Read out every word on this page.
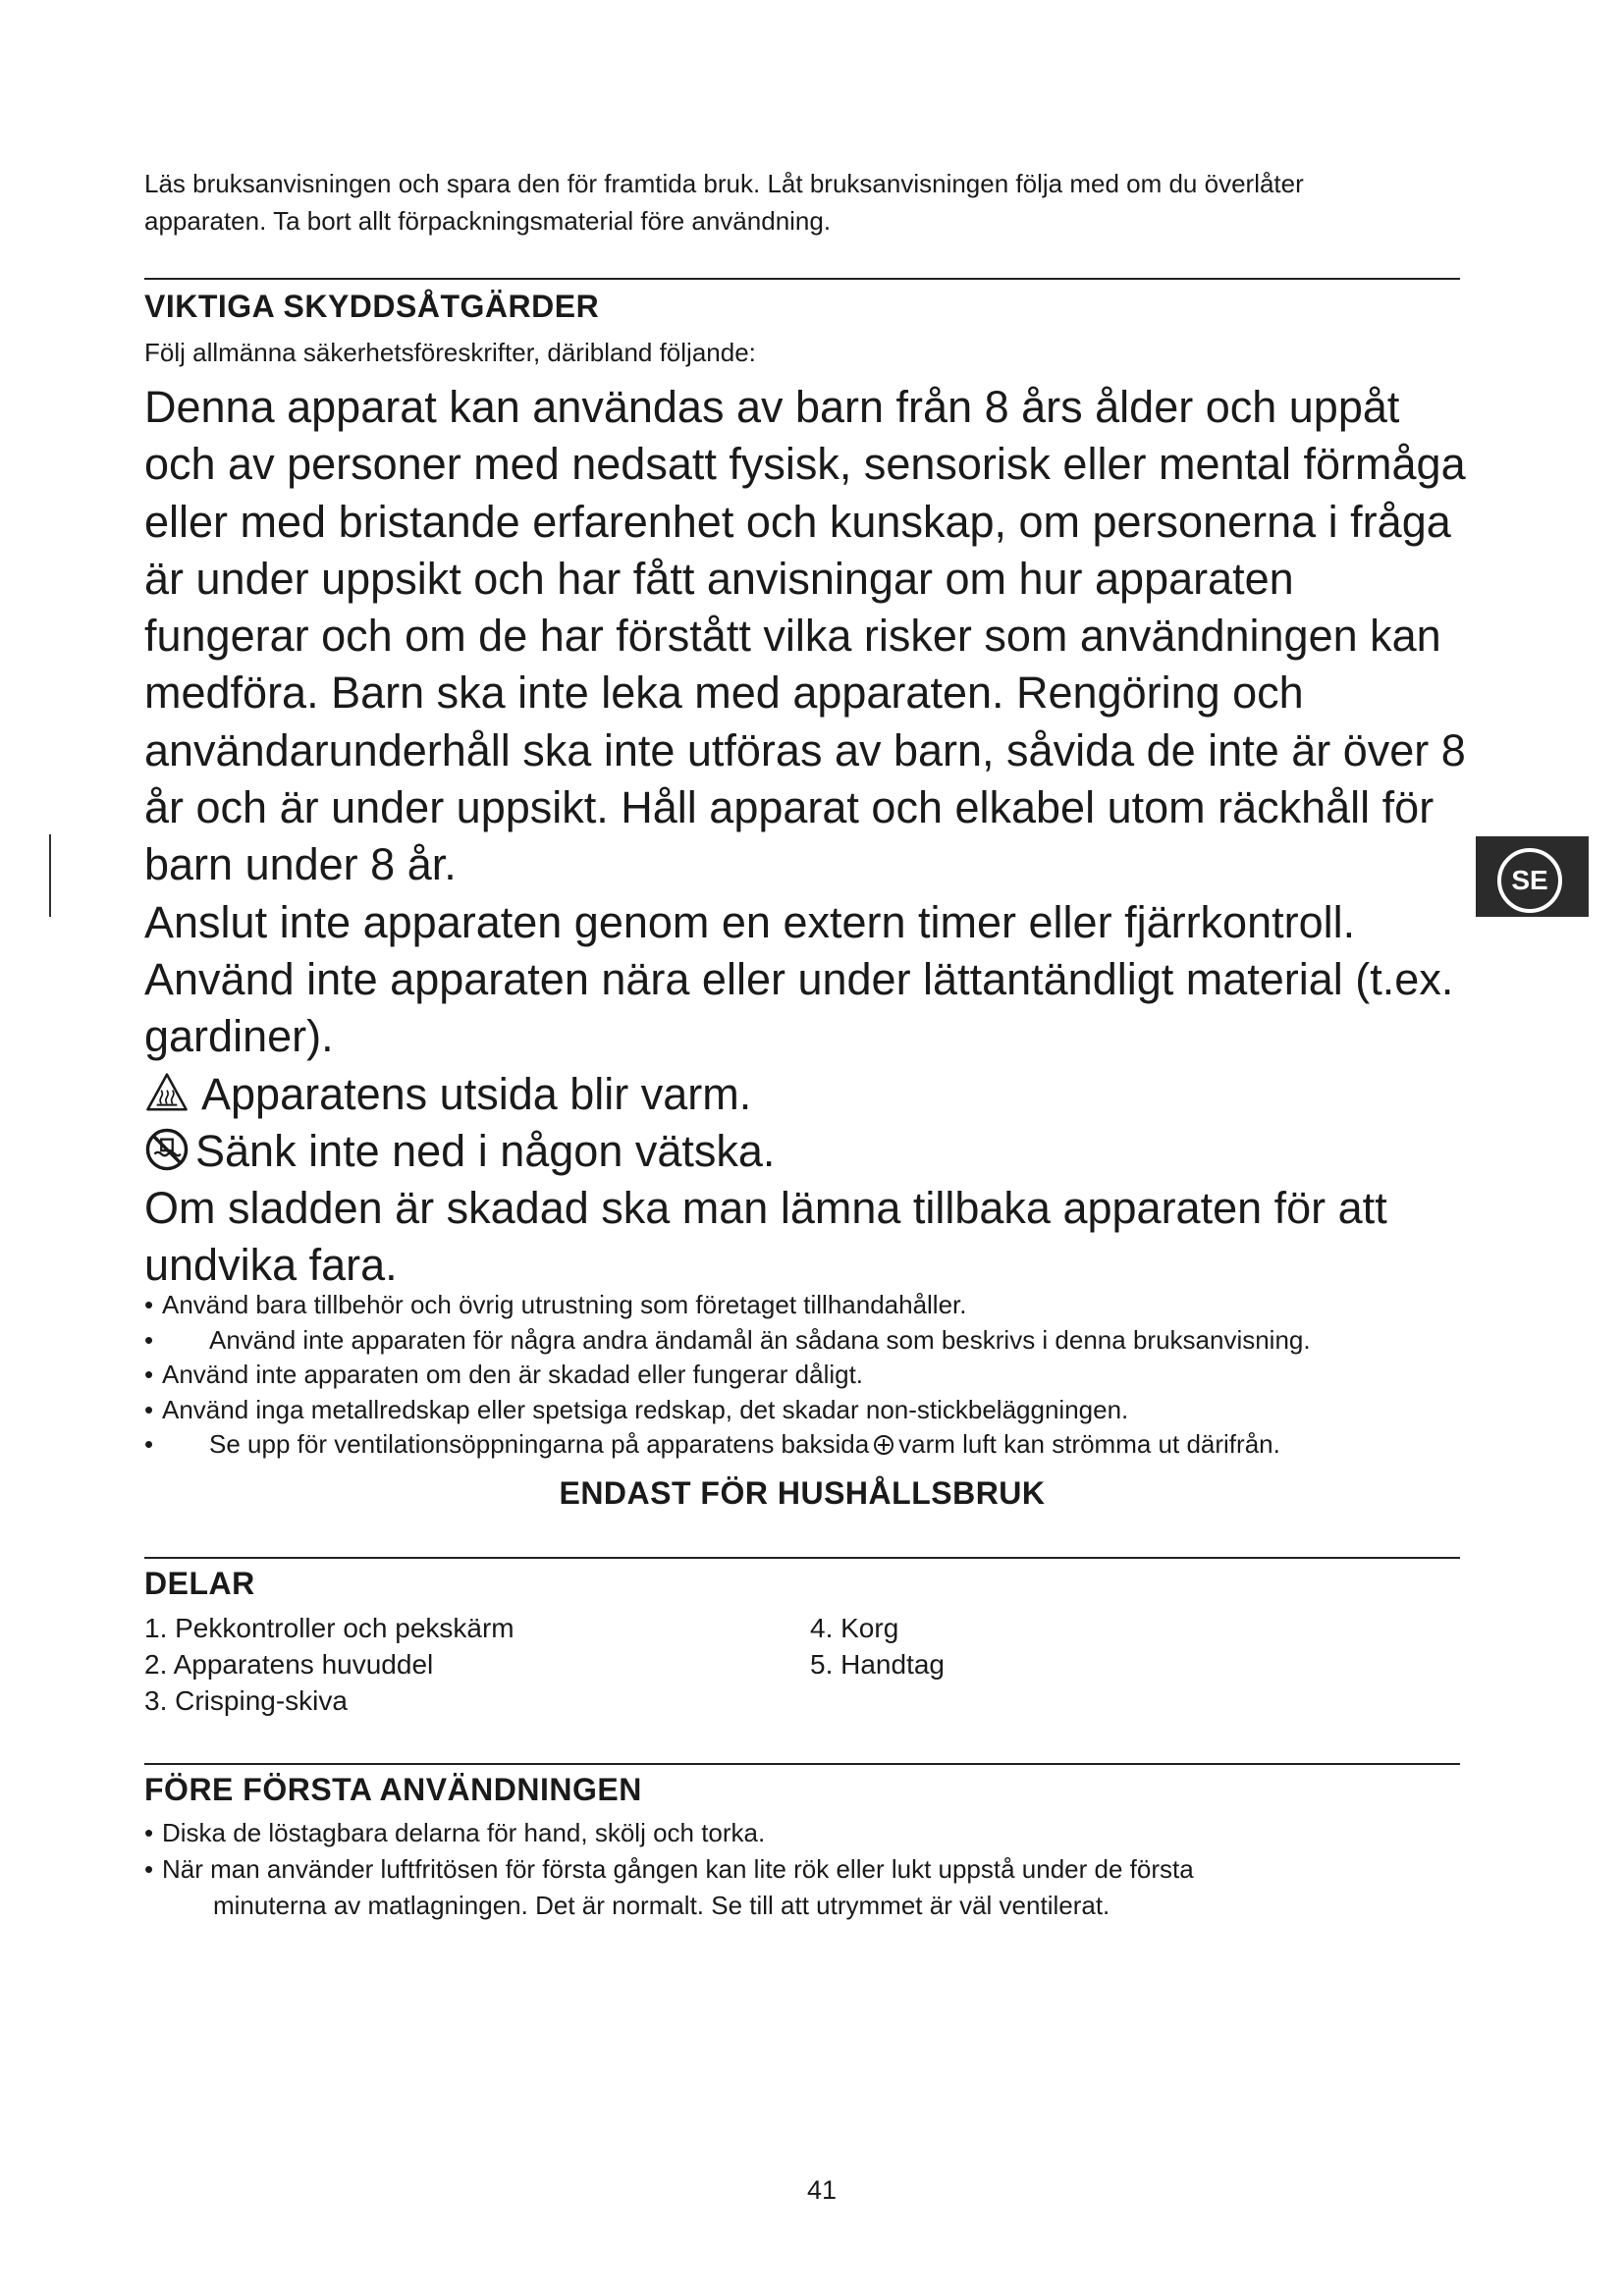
Läs bruksanvisningen och spara den för framtida bruk. Låt bruksanvisningen följa med om du överlåter
apparaten. Ta bort allt förpackningsmaterial före användning.
VIKTIGA SKYDDSÅTGÄRDER
Följ allmänna säkerhetsföreskrifter, däribland följande:

Denna apparat kan användas av barn från 8 års ålder och uppåt

och av personer med nedsatt fysisk, sensorisk eller mental förmåga

eller med bristande erfarenhet och kunskap, om personerna i fråga

är under uppsikt och har fått anvisningar om hur apparaten

fungerar och om de har förstått vilka risker som användningen kan

medföra. Barn ska inte leka med apparaten. Rengöring och

användarunderhåll ska inte utföras av barn, såvida de inte är över 8

år och är under uppsikt. Håll apparat och elkabel utom räckhåll för

barn under 8 år.

Anslut inte apparaten genom en extern timer eller fjärrkontroll.

Använd inte apparaten nära eller under lättantändligt material (t.ex.

gardiner).

Apparatens utsida blir varm.

Sänk inte ned i någon vätska.

Om sladden är skadad ska man lämna tillbaka apparaten för att

undvika fara.

• Använd bara tillbehör och övrig utrustning som företaget tillhandahåller.
• Använd inte apparaten för några andra ändamål än sådana som beskrivs i denna bruksanvisning.
• Använd inte apparaten om den är skadad eller fungerar dåligt.
• Använd inga metallredskap eller spetsiga redskap, det skadar non-stickbeläggningen.
• Se upp för ventilationsöppningarna på apparatens baksida varm luft kan strömma ut därifrån.
ENDAST FÖR HUSHÅLLSBRUK
DELAR
1. Pekkontroller och pekskärm
2. Apparatens huvuddel
3. Crisping-skiva
4. Korg
5. Handtag
FÖRE FÖRSTA ANVÄNDNINGEN
• Diska de löstagbara delarna för hand, skölj och torka.
• När man använder luftfritösen för första gången kan lite rök eller lukt uppstå under de första
minuterna av matlagningen. Det är normalt. Se till att utrymmet är väl ventilerat.
41
SE
